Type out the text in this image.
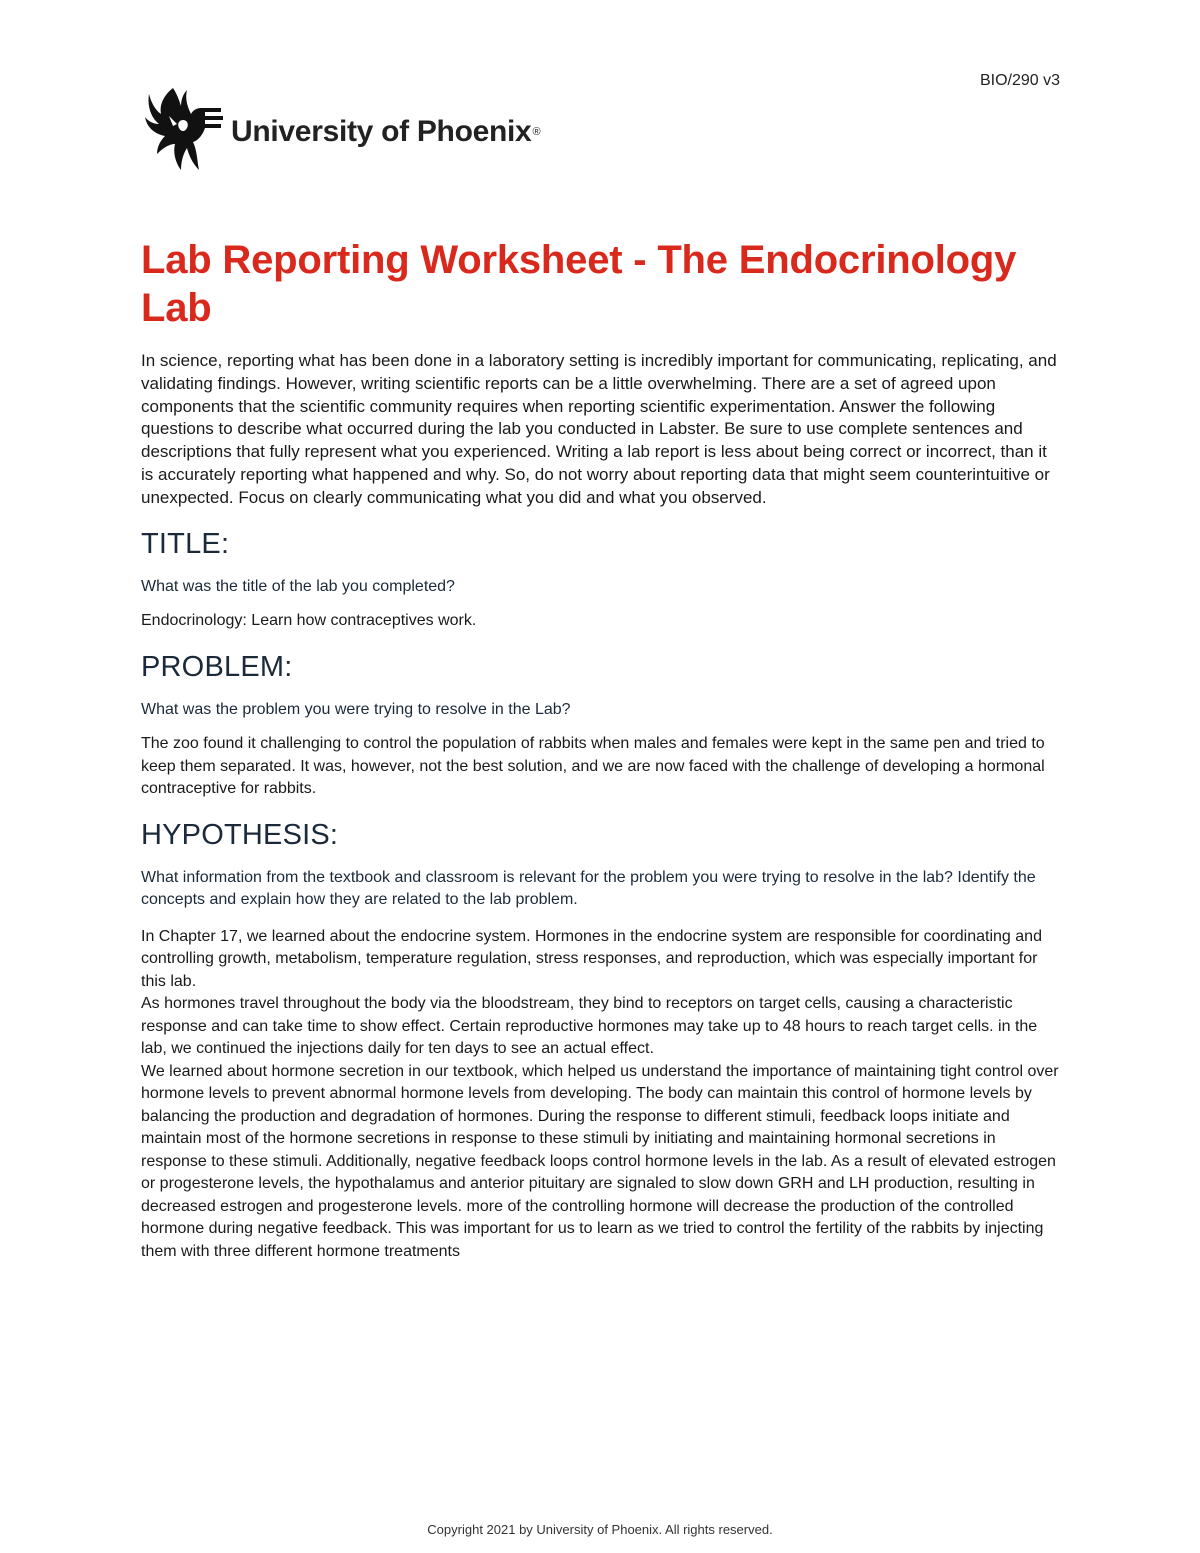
BIO/290 v3
University of Phoenix®
Lab Reporting Worksheet - The Endocrinology Lab

In science, reporting what has been done in a laboratory setting is incredibly important for communicating, replicating, and validating findings. However, writing scientific reports can be a little overwhelming. There are a set of agreed upon components that the scientific community requires when reporting scientific experimentation. Answer the following questions to describe what occurred during the lab you conducted in Labster. Be sure to use complete sentences and descriptions that fully represent what you experienced. Writing a lab report is less about being correct or incorrect, than it is accurately reporting what happened and why. So, do not worry about reporting data that might seem counterintuitive or unexpected. Focus on clearly communicating what you did and what you observed.

TITLE:

What was the title of the lab you completed?

Endocrinology: Learn how contraceptives work.

PROBLEM:

What was the problem you were trying to resolve in the Lab?

The zoo found it challenging to control the population of rabbits when males and females were kept in the same pen and tried to keep them separated. It was, however, not the best solution, and we are now faced with the challenge of developing a hormonal contraceptive for rabbits.

HYPOTHESIS:

What information from the textbook and classroom is relevant for the problem you were trying to resolve in the lab? Identify the concepts and explain how they are related to the lab problem.

In Chapter 17, we learned about the endocrine system. Hormones in the endocrine system are responsible for coordinating and controlling growth, metabolism, temperature regulation, stress responses, and reproduction, which was especially important for this lab.

As hormones travel throughout the body via the bloodstream, they bind to receptors on target cells, causing a characteristic response and can take time to show effect. Certain reproductive hormones may take up to 48 hours to reach target cells. in the lab, we continued the injections daily for ten days to see an actual effect.

We learned about hormone secretion in our textbook, which helped us understand the importance of maintaining tight control over hormone levels to prevent abnormal hormone levels from developing. The body can maintain this control of hormone levels by balancing the production and degradation of hormones. During the response to different stimuli, feedback loops initiate and maintain most of the hormone secretions in response to these stimuli by initiating and maintaining hormonal secretions in response to these stimuli. Additionally, negative feedback loops control hormone levels in the lab. As a result of elevated estrogen or progesterone levels, the hypothalamus and anterior pituitary are signaled to slow down GRH and LH production, resulting in decreased estrogen and progesterone levels. more of the controlling hormone will decrease the production of the controlled hormone during negative feedback. This was important for us to learn as we tried to control the fertility of the rabbits by injecting them with three different hormone treatments

Copyright 2021 by University of Phoenix. All rights reserved.
